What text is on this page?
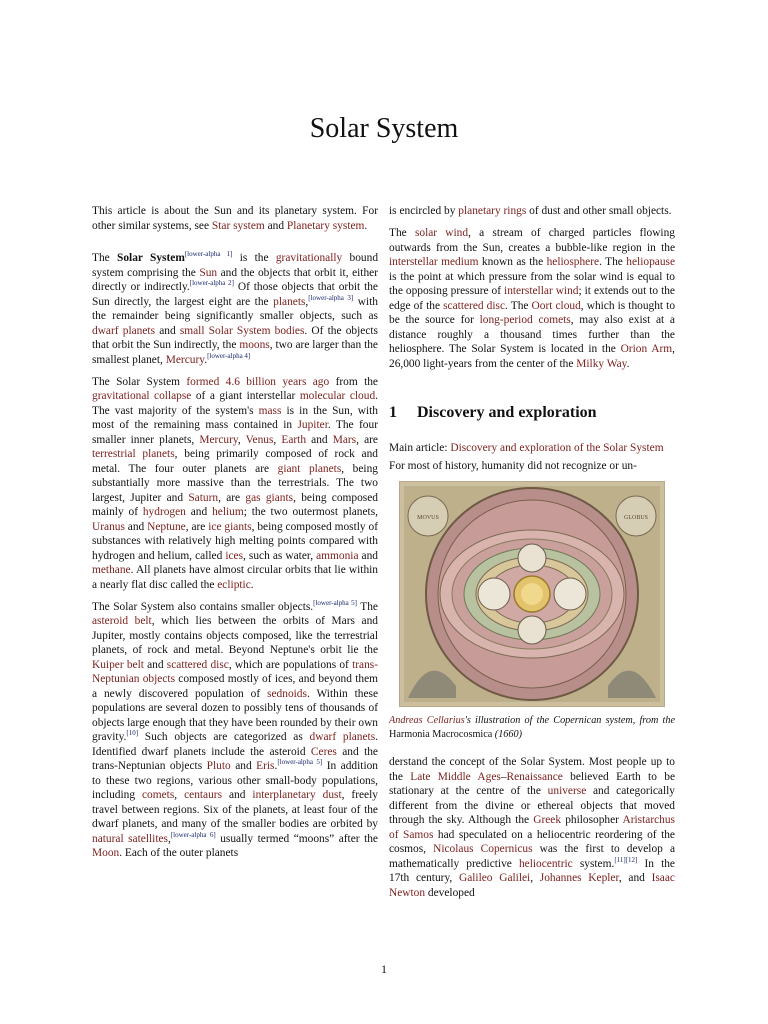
Solar System

This article is about the Sun and its planetary system. For other similar systems, see Star system and Planetary system.

The Solar System[lower-alpha 1] is the gravitationally bound system comprising the Sun and the objects that orbit it, either directly or indirectly.[lower-alpha 2] Of those objects that orbit the Sun directly, the largest eight are the planets,[lower-alpha 3] with the remainder being significantly smaller objects, such as dwarf planets and small Solar System bodies. Of the objects that orbit the Sun indirectly, the moons, two are larger than the smallest planet, Mercury.[lower-alpha 4]

The Solar System formed 4.6 billion years ago from the gravitational collapse of a giant interstellar molecular cloud. The vast majority of the system's mass is in the Sun, with most of the remaining mass contained in Jupiter. The four smaller inner planets, Mercury, Venus, Earth and Mars, are terrestrial planets, being primarily composed of rock and metal. The four outer planets are giant planets, being substantially more massive than the terrestrials. The two largest, Jupiter and Saturn, are gas giants, being composed mainly of hydrogen and helium; the two outermost planets, Uranus and Neptune, are ice giants, being composed mostly of substances with relatively high melting points compared with hydrogen and helium, called ices, such as water, ammonia and methane. All planets have almost circular orbits that lie within a nearly flat disc called the ecliptic.

The Solar System also contains smaller objects.[lower-alpha 5] The asteroid belt, which lies between the orbits of Mars and Jupiter, mostly contains objects composed, like the terrestrial planets, of rock and metal. Beyond Neptune's orbit lie the Kuiper belt and scattered disc, which are populations of trans-Neptunian objects composed mostly of ices, and beyond them a newly discovered population of sednoids. Within these populations are several dozen to possibly tens of thousands of objects large enough that they have been rounded by their own gravity.[10] Such objects are categorized as dwarf planets. Identified dwarf planets include the asteroid Ceres and the trans-Neptunian objects Pluto and Eris.[lower-alpha 5] In addition to these two regions, various other small-body populations, including comets, centaurs and interplanetary dust, freely travel between regions. Six of the planets, at least four of the dwarf planets, and many of the smaller bodies are orbited by natural satellites,[lower-alpha 6] usually termed “moons” after the Moon. Each of the outer planets

is encircled by planetary rings of dust and other small objects.

The solar wind, a stream of charged particles flowing outwards from the Sun, creates a bubble-like region in the interstellar medium known as the heliosphere. The heliopause is the point at which pressure from the solar wind is equal to the opposing pressure of interstellar wind; it extends out to the edge of the scattered disc. The Oort cloud, which is thought to be the source for long-period comets, may also exist at a distance roughly a thousand times further than the heliosphere. The Solar System is located in the Orion Arm, 26,000 light-years from the center of the Milky Way.

1 Discovery and exploration

Main article: Discovery and exploration of the Solar System

For most of history, humanity did not recognize or un-

MOVUS	GLOBUS
Andreas Cellarius's illustration of the Copernican system, from the Harmonia Macrocosmica (1660)

derstand the concept of the Solar System. Most people up to the Late Middle Ages–Renaissance believed Earth to be stationary at the centre of the universe and categorically different from the divine or ethereal objects that moved through the sky. Although the Greek philosopher Aristarchus of Samos had speculated on a heliocentric reordering of the cosmos, Nicolaus Copernicus was the first to develop a mathematically predictive heliocentric system.[11][12] In the 17th century, Galileo Galilei, Johannes Kepler, and Isaac Newton developed

1
